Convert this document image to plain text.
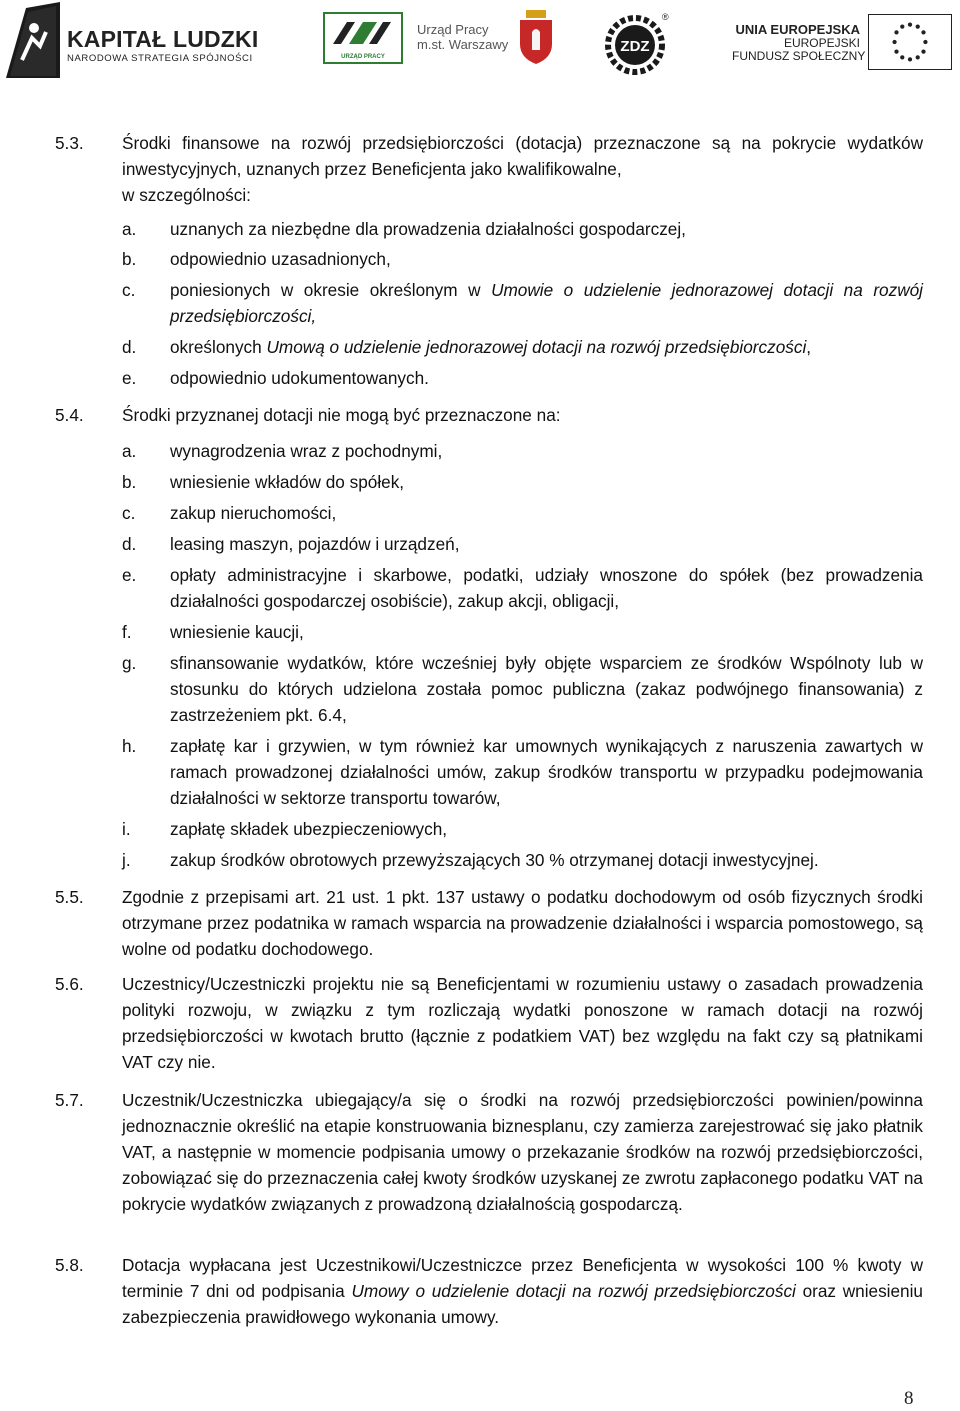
KAPITAŁ LUDZKI
NARODOWA STRATEGIA SPÓJNOŚCI	URZĄD PRACY
Urząd Pracy
m.st. Warszawy	ZDZ
®
UNIA EUROPEJSKA
EUROPEJSKI
FUNDUSZ SPOŁECZNY
5.3. Środki finansowe na rozwój przedsiębiorczości (dotacja) przeznaczone są na pokrycie wydatków inwestycyjnych, uznanych przez Beneficjenta jako kwalifikowalne,
w szczególności:
a. uznanych za niezbędne dla prowadzenia działalności gospodarczej,
b. odpowiednio uzasadnionych,
c. poniesionych w okresie określonym w Umowie o udzielenie jednorazowej dotacji na rozwój przedsiębiorczości,
d. określonych Umową o udzielenie jednorazowej dotacji na rozwój przedsiębiorczości,
e. odpowiednio udokumentowanych.
5.4. Środki przyznanej dotacji nie mogą być przeznaczone na:
a. wynagrodzenia wraz z pochodnymi,
b. wniesienie wkładów do spółek,
c. zakup nieruchomości,
d. leasing maszyn, pojazdów i urządzeń,
e. opłaty administracyjne i skarbowe, podatki, udziały wnoszone do spółek (bez prowadzenia działalności gospodarczej osobiście), zakup akcji, obligacji,
f. wniesienie kaucji,
g. sfinansowanie wydatków, które wcześniej były objęte wsparciem ze środków Wspólnoty lub w stosunku do których udzielona została pomoc publiczna (zakaz podwójnego finansowania) z zastrzeżeniem pkt. 6.4,
h. zapłatę kar i grzywien, w tym również kar umownych wynikających z naruszenia zawartych w ramach prowadzonej działalności umów, zakup środków transportu w przypadku podejmowania działalności w sektorze transportu towarów,
i. zapłatę składek ubezpieczeniowych,
j. zakup środków obrotowych przewyższających 30 % otrzymanej dotacji inwestycyjnej.
5.5. Zgodnie z przepisami art. 21 ust. 1 pkt. 137 ustawy o podatku dochodowym od osób fizycznych środki otrzymane przez podatnika w ramach wsparcia na prowadzenie działalności i wsparcia pomostowego, są wolne od podatku dochodowego.
5.6. Uczestnicy/Uczestniczki projektu nie są Beneficjentami w rozumieniu ustawy o zasadach prowadzenia polityki rozwoju, w związku z tym rozliczają wydatki ponoszone w ramach dotacji na rozwój przedsiębiorczości w kwotach brutto (łącznie z podatkiem VAT) bez względu na fakt czy są płatnikami VAT czy nie.
5.7. Uczestnik/Uczestniczka ubiegający/a się o środki na rozwój przedsiębiorczości powinien/powinna jednoznacznie określić na etapie konstruowania biznesplanu, czy zamierza zarejestrować się jako płatnik VAT, a następnie w momencie podpisania umowy o przekazanie środków na rozwój przedsiębiorczości, zobowiązać się do przeznaczenia całej kwoty środków uzyskanej ze zwrotu zapłaconego podatku VAT na pokrycie wydatków związanych z prowadzoną działalnością gospodarczą.
5.8. Dotacja wypłacana jest Uczestnikowi/Uczestniczce przez Beneficjenta w wysokości 100 % kwoty w terminie 7 dni od podpisania Umowy o udzielenie dotacji na rozwój przedsiębiorczości oraz wniesieniu zabezpieczenia prawidłowego wykonania umowy.
8
